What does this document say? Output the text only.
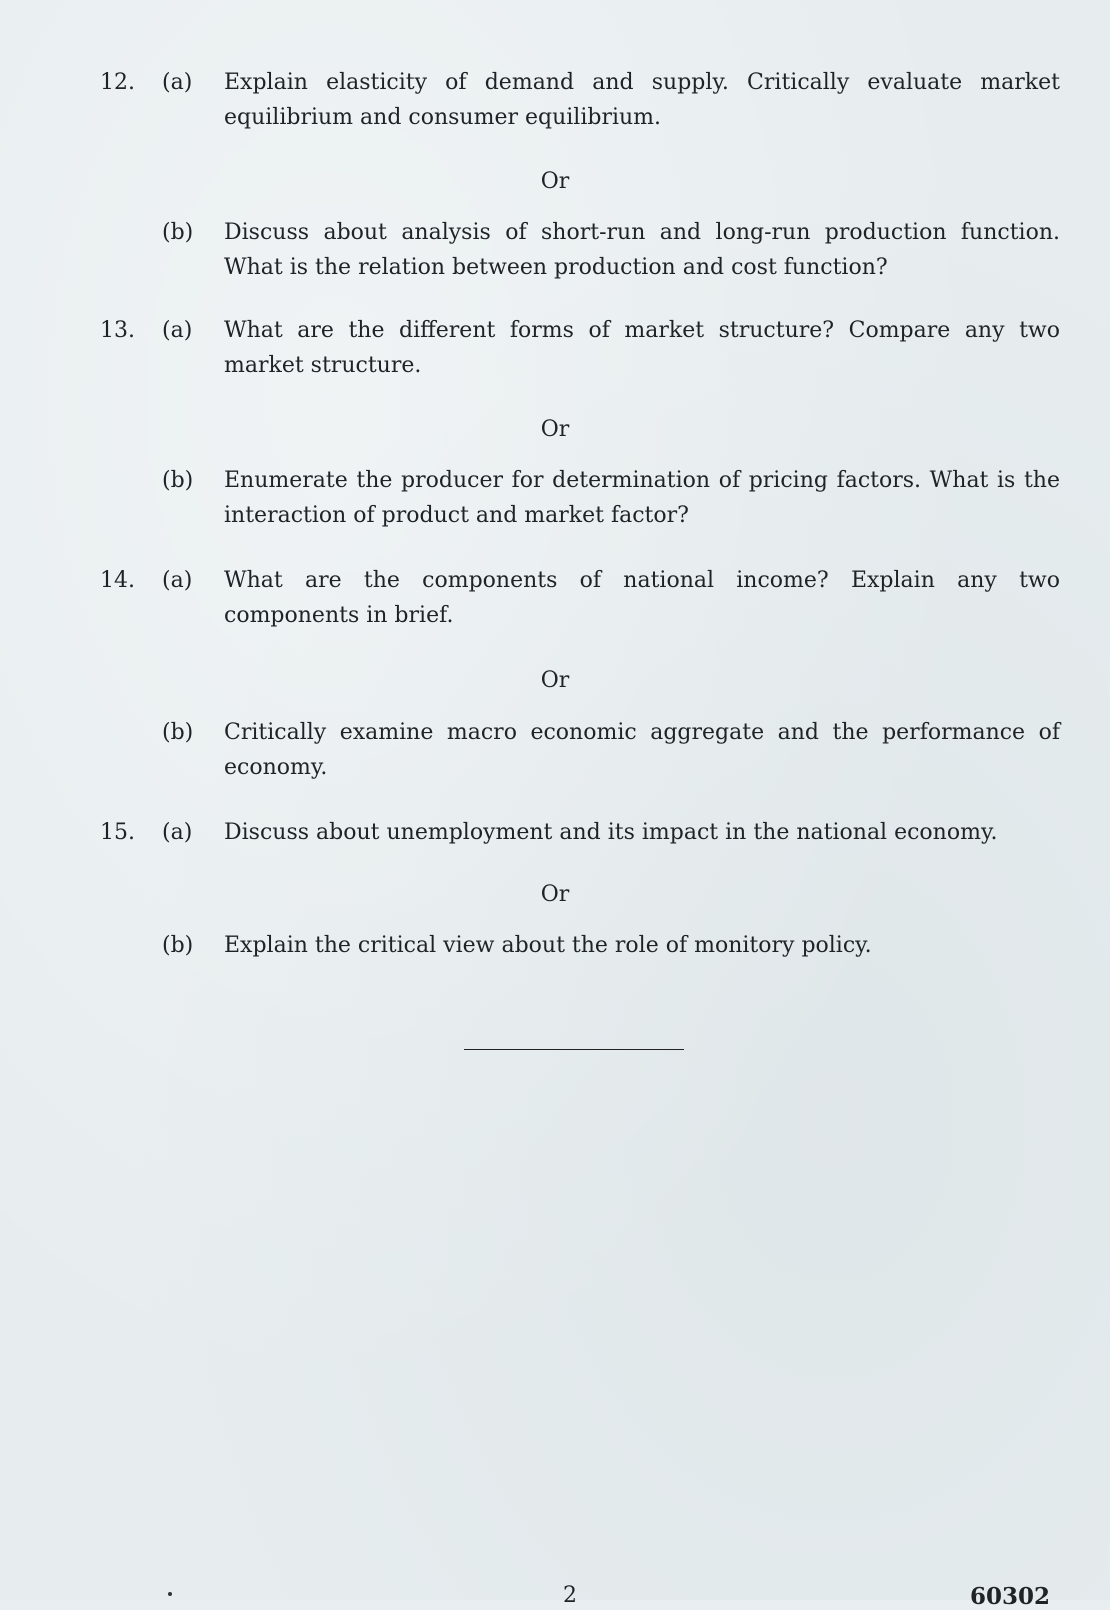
12. (a) Explain elasticity of demand and supply. Critically evaluate market equilibrium and consumer equilibrium.
Or
(b) Discuss about analysis of short-run and long-run production function. What is the relation between production and cost function?
13. (a) What are the different forms of market structure? Compare any two market structure.
Or
(b) Enumerate the producer for determination of pricing factors. What is the interaction of product and market factor?
14. (a) What are the components of national income? Explain any two components in brief.
Or
(b) Critically examine macro economic aggregate and the performance of economy.
15. (a) Discuss about unemployment and its impact in the national economy.
Or
(b) Explain the critical view about the role of monitory policy.
2	60302
